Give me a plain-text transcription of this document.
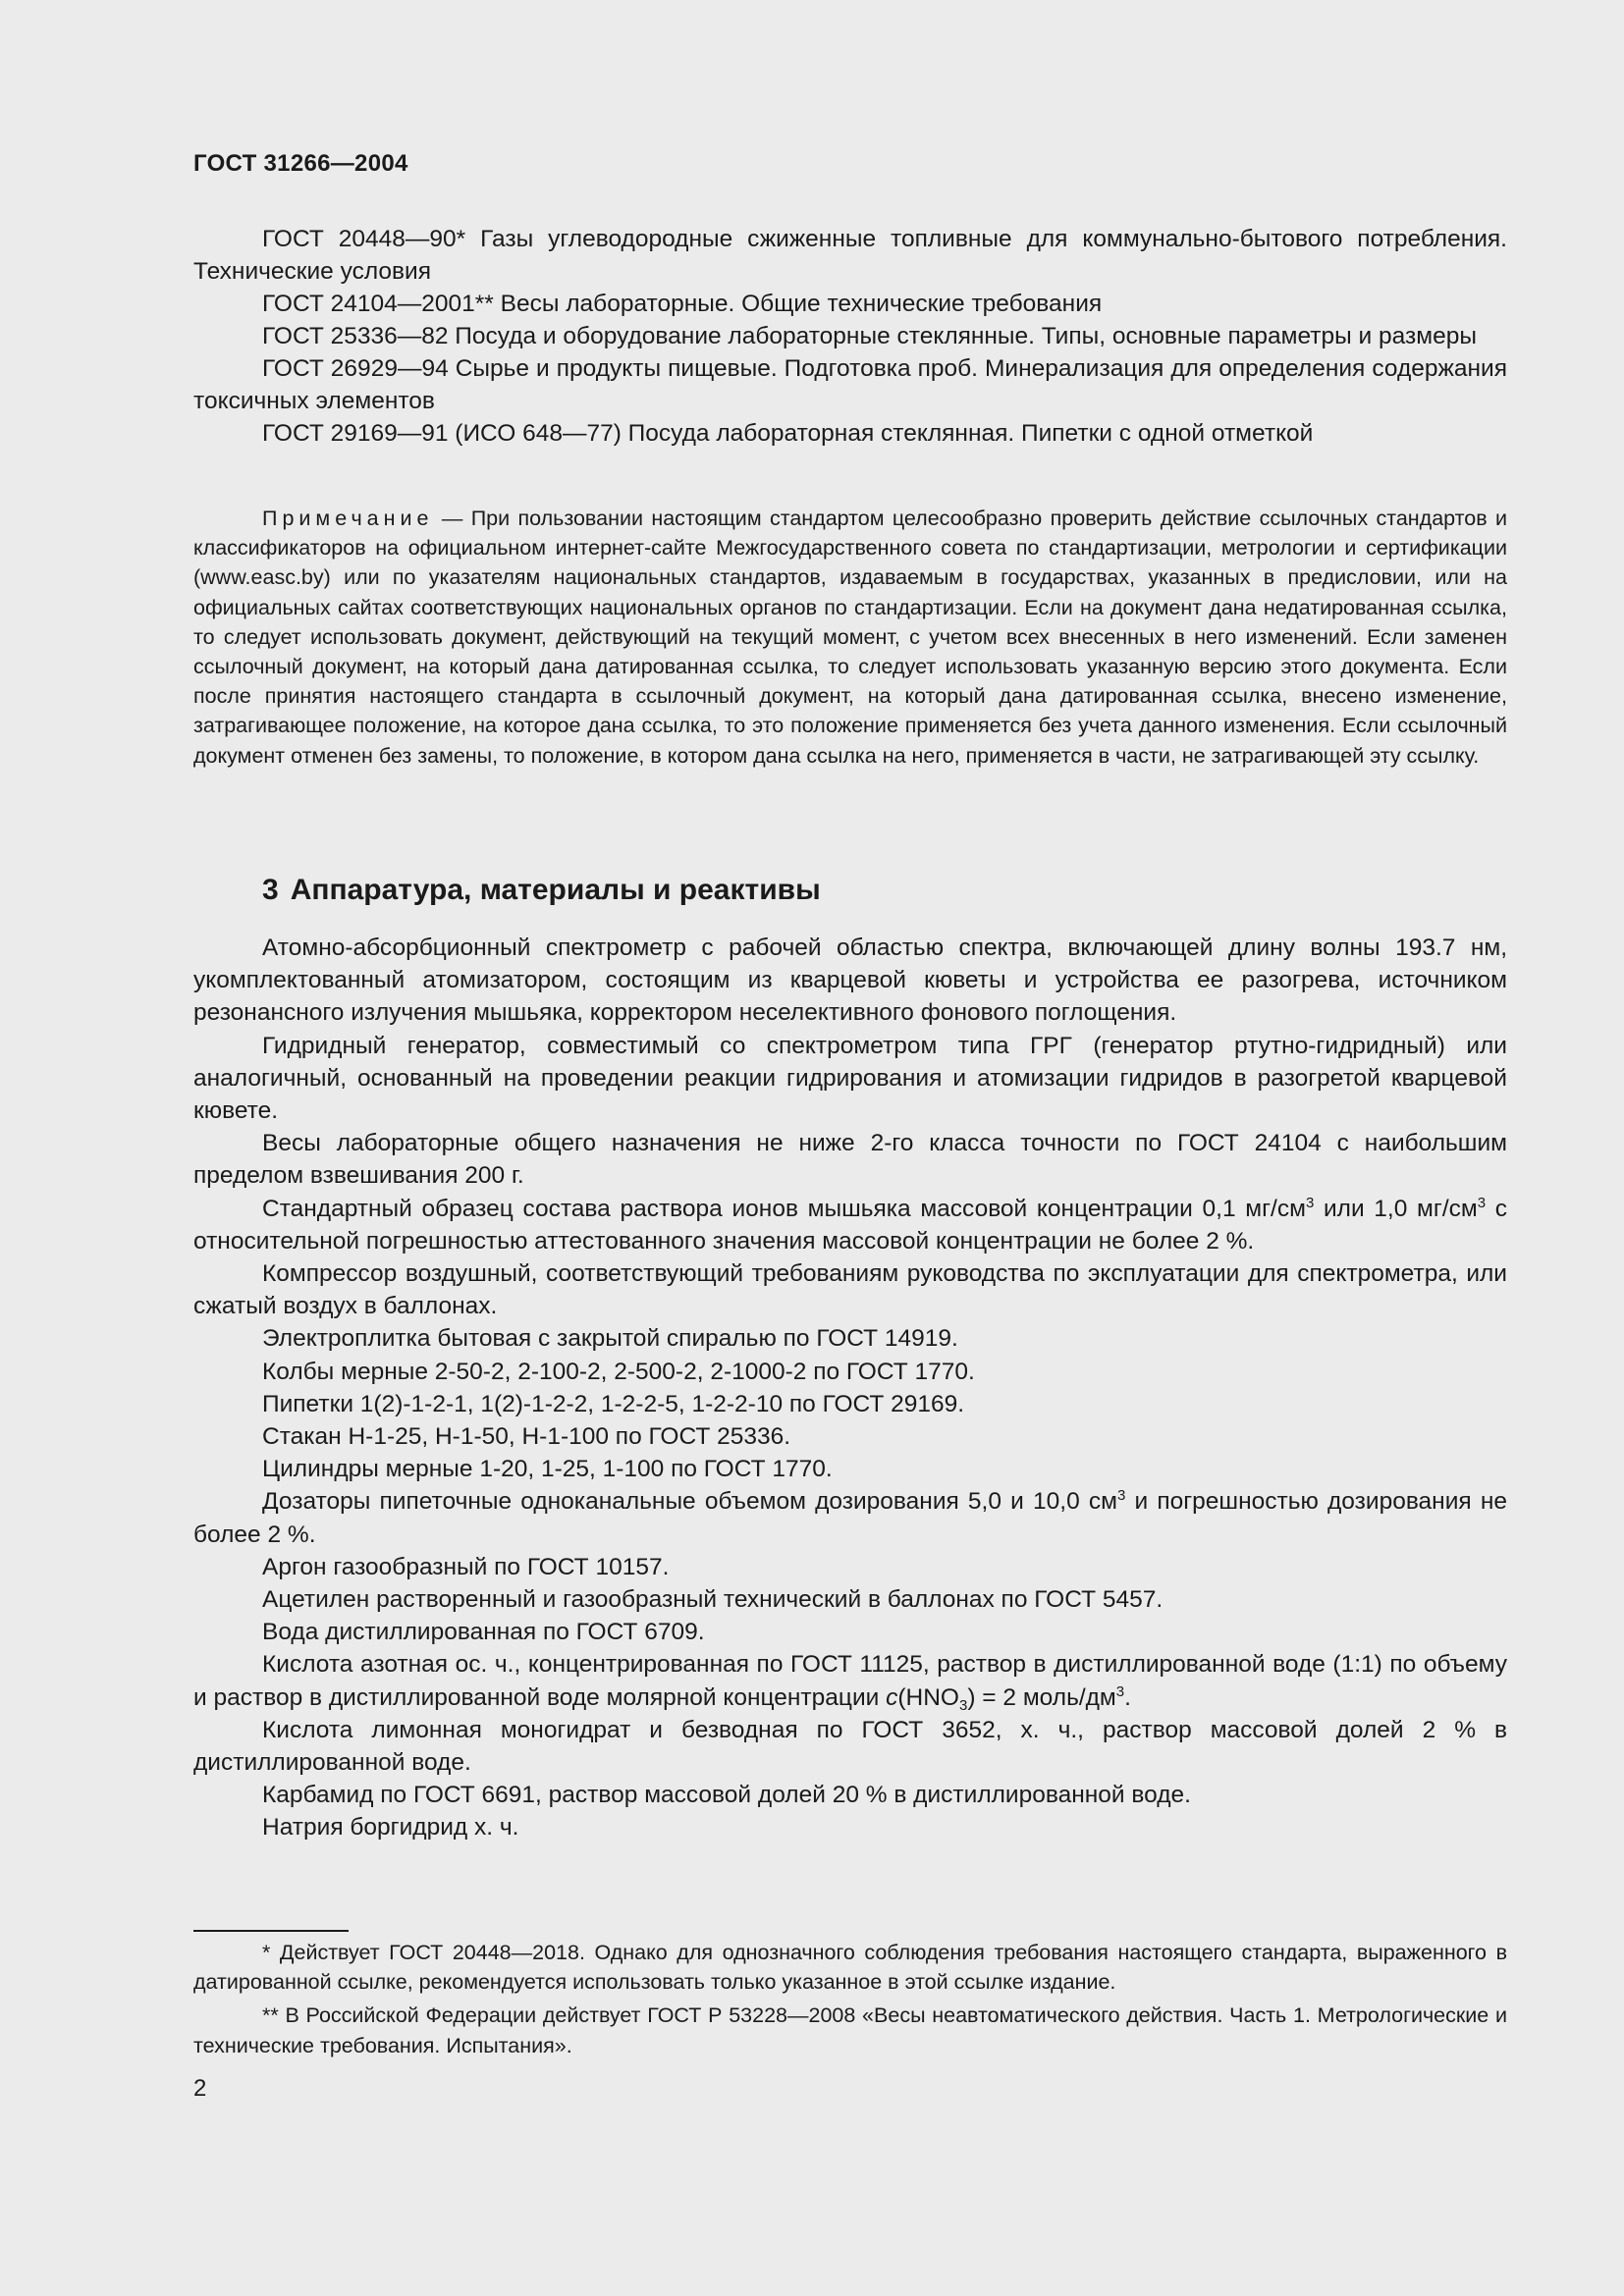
ГОСТ 31266—2004

ГОСТ 20448—90* Газы углеводородные сжиженные топливные для коммунально-бытового потребления. Технические условия

ГОСТ 24104—2001** Весы лабораторные. Общие технические требования

ГОСТ 25336—82 Посуда и оборудование лабораторные стеклянные. Типы, основные параметры и размеры

ГОСТ 26929—94 Сырье и продукты пищевые. Подготовка проб. Минерализация для определения содержания токсичных элементов

ГОСТ 29169—91 (ИСО 648—77) Посуда лабораторная стеклянная. Пипетки с одной отметкой

Примечание — При пользовании настоящим стандартом целесообразно проверить действие ссылочных стандартов и классификаторов на официальном интернет-сайте Межгосударственного совета по стандартизации, метрологии и сертификации (www.easc.by) или по указателям национальных стандартов, издаваемым в государствах, указанных в предисловии, или на официальных сайтах соответствующих национальных органов по стандартизации. Если на документ дана недатированная ссылка, то следует использовать документ, действующий на текущий момент, с учетом всех внесенных в него изменений. Если заменен ссылочный документ, на который дана датированная ссылка, то следует использовать указанную версию этого документа. Если после принятия настоящего стандарта в ссылочный документ, на который дана датированная ссылка, внесено изменение, затрагивающее положение, на которое дана ссылка, то это положение применяется без учета данного изменения. Если ссылочный документ отменен без замены, то положение, в котором дана ссылка на него, применяется в части, не затрагивающей эту ссылку.

3 Аппаратура, материалы и реактивы

Атомно-абсорбционный спектрометр с рабочей областью спектра, включающей длину волны 193.7 нм, укомплектованный атомизатором, состоящим из кварцевой кюветы и устройства ее разогрева, источником резонансного излучения мышьяка, корректором неселективного фонового поглощения.

Гидридный генератор, совместимый со спектрометром типа ГРГ (генератор ртутно-гидридный) или аналогичный, основанный на проведении реакции гидрирования и атомизации гидридов в разогретой кварцевой кювете.

Весы лабораторные общего назначения не ниже 2-го класса точности по ГОСТ 24104 с наибольшим пределом взвешивания 200 г.

Стандартный образец состава раствора ионов мышьяка массовой концентрации 0,1 $мг/см^3$ или 1,0 $мг/см^3$ с относительной погрешностью аттестованного значения массовой концентрации не более 2 %.

Компрессор воздушный, соответствующий требованиям руководства по эксплуатации для спектрометра, или сжатый воздух в баллонах.

Электроплитка бытовая с закрытой спиралью по ГОСТ 14919.

Колбы мерные 2-50-2, 2-100-2, 2-500-2, 2-1000-2 по ГОСТ 1770.

Пипетки 1(2)-1-2-1, 1(2)-1-2-2, 1-2-2-5, 1-2-2-10 по ГОСТ 29169.

Стакан Н-1-25, Н-1-50, Н-1-100 по ГОСТ 25336.

Цилиндры мерные 1-20, 1-25, 1-100 по ГОСТ 1770.

Дозаторы пипеточные одноканальные объемом дозирования 5,0 и 10,0 $см^3$ и погрешностью дозирования не более 2 %.

Аргон газообразный по ГОСТ 10157.

Ацетилен растворенный и газообразный технический в баллонах по ГОСТ 5457.

Вода дистиллированная по ГОСТ 6709.

Кислота азотная ос. ч., концентрированная по ГОСТ 11125, раствор в дистиллированной воде (1:1) по объему и раствор в дистиллированной воде молярной концентрации $c(HNO_3) = 2$ моль/$дм^3$.

Кислота лимонная моногидрат и безводная по ГОСТ 3652, х. ч., раствор массовой долей 2 % в дистиллированной воде.

Карбамид по ГОСТ 6691, раствор массовой долей 20 % в дистиллированной воде.

Натрия боргидрид х. ч.

* Действует ГОСТ 20448—2018. Однако для однозначного соблюдения требования настоящего стандарта, выраженного в датированной ссылке, рекомендуется использовать только указанное в этой ссылке издание.

** В Российской Федерации действует ГОСТ Р 53228—2008 «Весы неавтоматического действия. Часть 1. Метрологические и технические требования. Испытания».

2
